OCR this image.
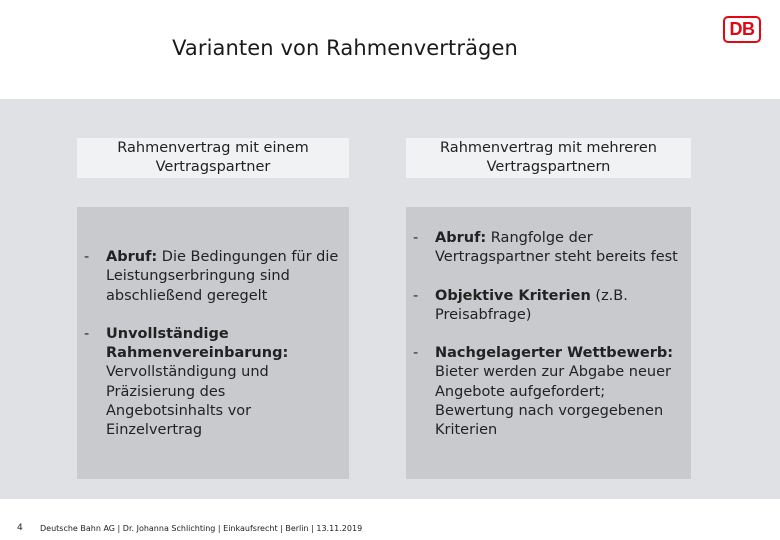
Varianten von Rahmenverträgen
DB
Rahmenvertrag mit einem Vertragspartner
- Abruf: Die Bedingungen für die Leistungserbringung sind abschließend geregelt
- Unvollständige Rahmenvereinbarung: Vervollständigung und Präzisierung des Angebotsinhalts vor Einzelvertrag
Rahmenvertrag mit mehreren Vertragspartnern
- Abruf: Rangfolge der Vertragspartner steht bereits fest
- Objektive Kriterien (z.B. Preisabfrage)
- Nachgelagerter Wettbewerb: Bieter werden zur Abgabe neuer Angebote aufgefordert; Bewertung nach vorgegebenen Kriterien
4 Deutsche Bahn AG | Dr. Johanna Schlichting | Einkaufsrecht | Berlin | 13.11.2019
